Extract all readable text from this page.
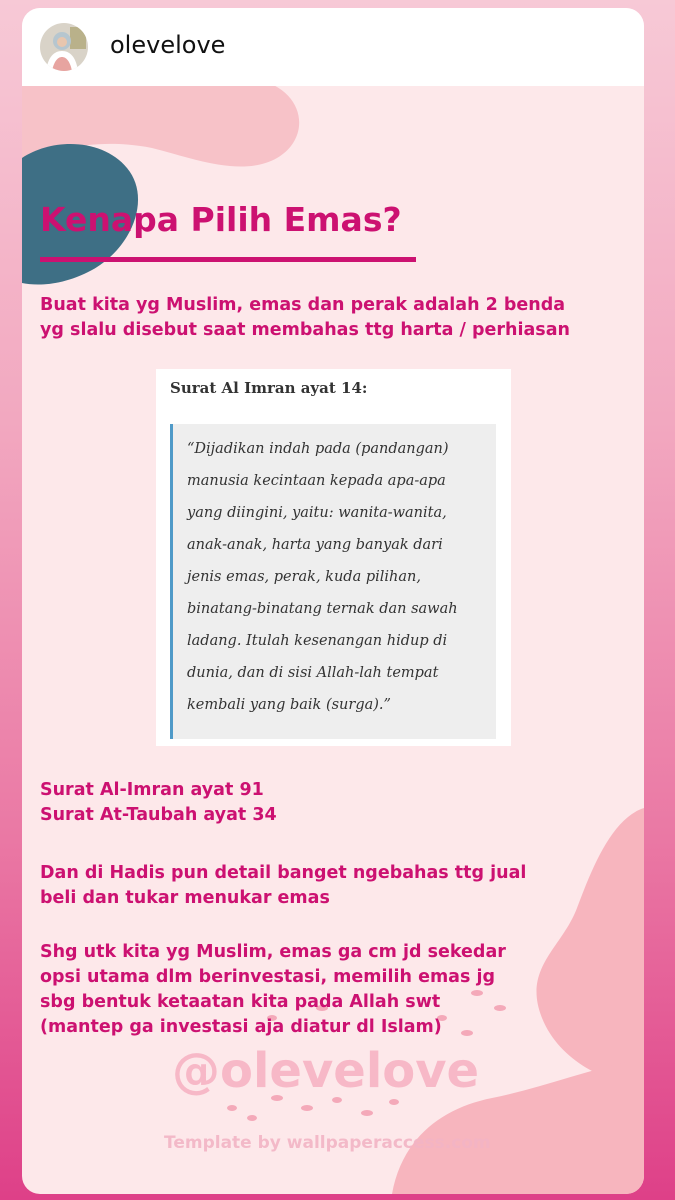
olevelove
Kenapa Pilih Emas?
Buat kita yg Muslim, emas dan perak adalah 2 benda
yg slalu disebut saat membahas ttg harta / perhiasan
Surat Al Imran ayat 14:
“Dijadikan indah pada (pandangan)
manusia kecintaan kepada apa-apa
yang diingini, yaitu: wanita-wanita,
anak-anak, harta yang banyak dari
jenis emas, perak, kuda pilihan,
binatang-binatang ternak dan sawah
ladang. Itulah kesenangan hidup di
dunia, dan di sisi Allah-lah tempat
kembali yang baik (surga).”
Surat Al-Imran ayat 91
Surat At-Taubah ayat 34
Dan di Hadis pun detail banget ngebahas ttg jual
beli dan tukar menukar emas
Shg utk kita yg Muslim, emas ga cm jd sekedar
opsi utama dlm berinvestasi, memilih emas jg
sbg bentuk ketaatan kita pada Allah swt
(mantep ga investasi aja diatur dl Islam)
@olevelove
Template by wallpaperaccess.com
